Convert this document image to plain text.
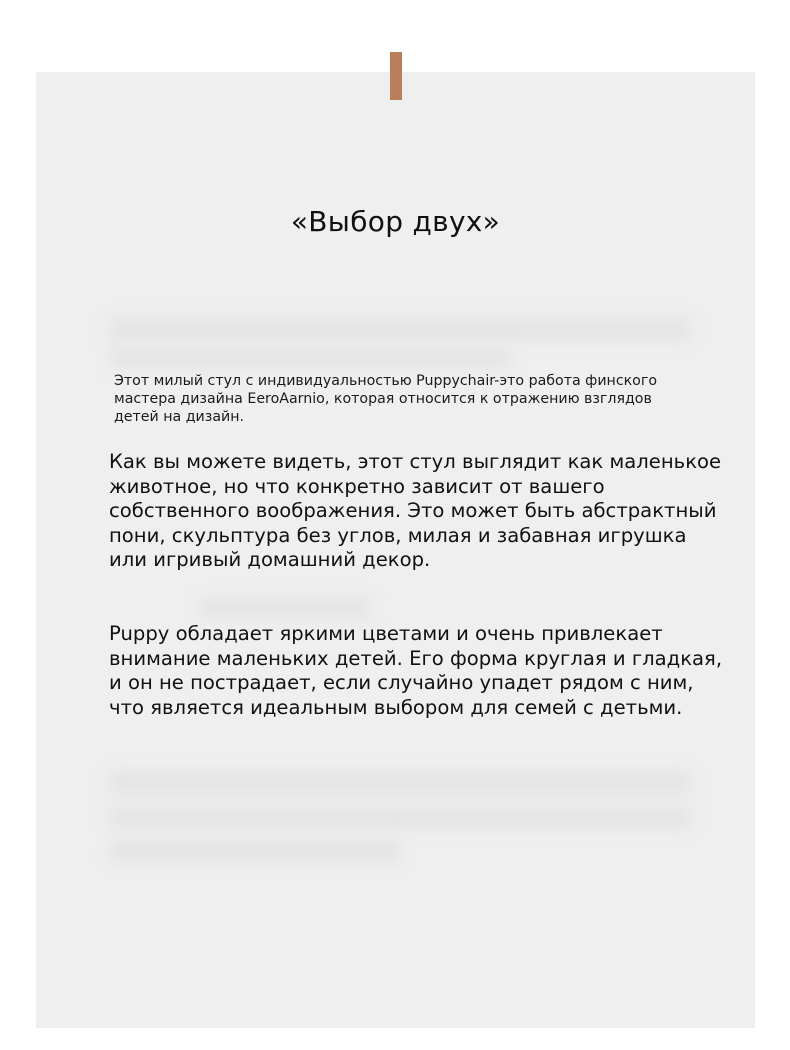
«Выбор двух»

Этот милый стул с индивидуальностью Puppychair-это работа финского мастера дизайна EeroAarnio, которая относится к отражению взглядов детей на дизайн.

Как вы можете видеть, этот стул выглядит как маленькое животное, но что конкретно зависит от вашего собственного воображения. Это может быть абстрактный пони, скульптура без углов, милая и забавная игрушка или игривый домашний декор.

Puppy обладает яркими цветами и очень привлекает внимание маленьких детей. Его форма круглая и гладкая, и он не пострадает, если случайно упадет рядом с ним, что является идеальным выбором для семей с детьми.
